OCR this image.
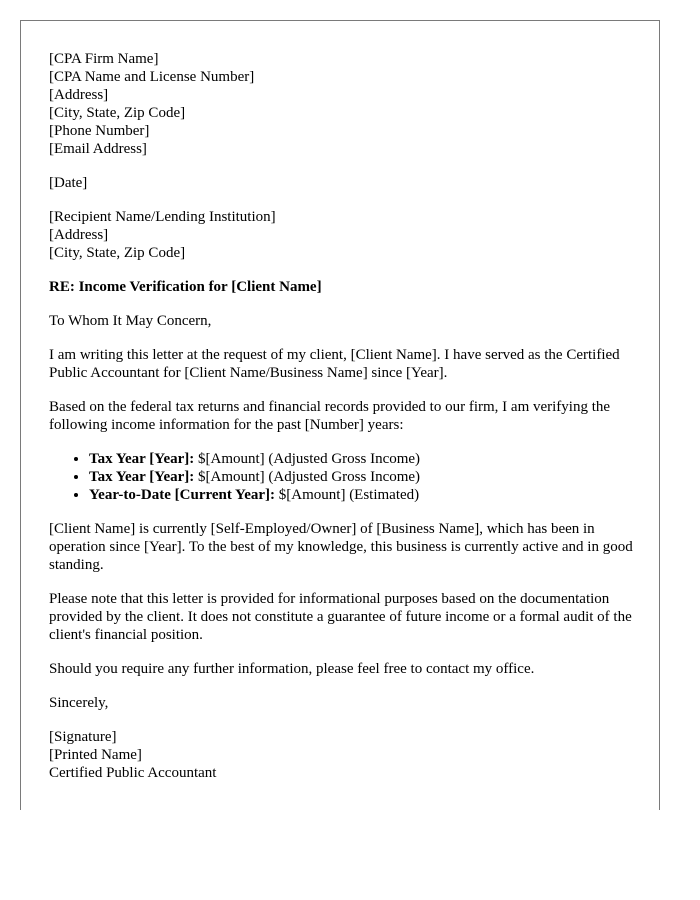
[CPA Firm Name]
[CPA Name and License Number]
[Address]
[City, State, Zip Code]
[Phone Number]
[Email Address]
[Date]
[Recipient Name/Lending Institution]
[Address]
[City, State, Zip Code]

RE: Income Verification for [Client Name]

To Whom It May Concern,

I am writing this letter at the request of my client, [Client Name]. I have served as the Certified Public Accountant for [Client Name/Business Name] since [Year].

Based on the federal tax returns and financial records provided to our firm, I am verifying the following income information for the past [Number] years:

• Tax Year [Year]: $[Amount] (Adjusted Gross Income)
• Tax Year [Year]: $[Amount] (Adjusted Gross Income)
• Year-to-Date [Current Year]: $[Amount] (Estimated)

[Client Name] is currently [Self-Employed/Owner] of [Business Name], which has been in operation since [Year]. To the best of my knowledge, this business is currently active and in good standing.

Please note that this letter is provided for informational purposes based on the documentation provided by the client. It does not constitute a guarantee of future income or a formal audit of the client's financial position.

Should you require any further information, please feel free to contact my office.

Sincerely,

[Signature]
[Printed Name]
Certified Public Accountant
